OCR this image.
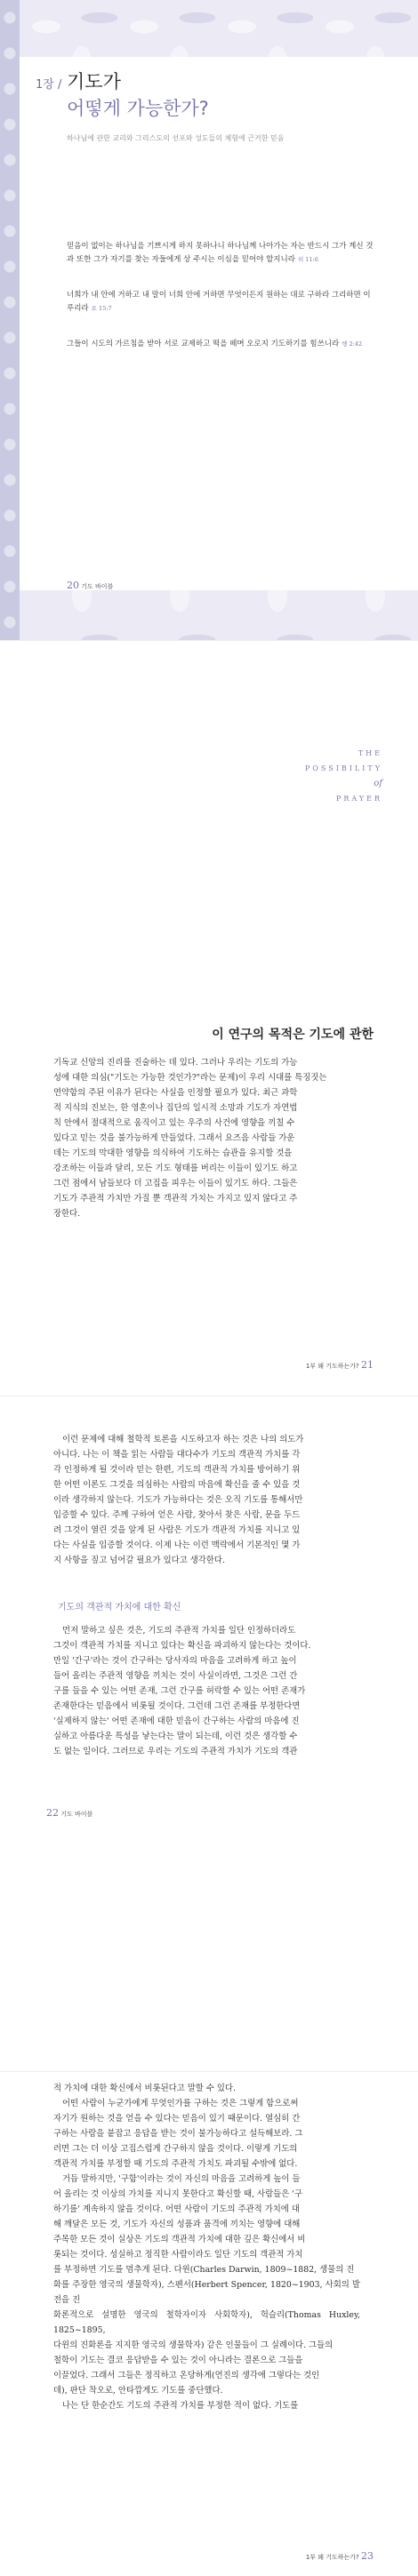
1장 / 기도가
어떻게 가능한가?
하나님에 관한 교리와 그리스도의 선포와 성도들의 체험에 근거한 믿음
믿음이 없이는 하나님을 기쁘시게 하지 못하나니 하나님께 나아가는 자는 반드시 그가 계신 것과 또한 그가 자기를 찾는 자들에게 상 주시는 이심을 믿어야 할지니라 히 11:6
너희가 내 안에 거하고 내 말이 너희 안에 거하면 무엇이든지 원하는 대로 구하라 그리하면 이루리라 요 15:7
그들이 시도의 가르침을 받아 서로 교제하고 떡을 떼며 오로지 기도하기를 힘쓰니라 행 2:42
20 기도 바이블
THE
POSSIBILITY
of
PRAYER
이 연구의 목적은 기도에 관한
기독교 신앙의 진리를 진술하는 데 있다. 그러나 우리는 기도의 가능
성에 대한 의심("기도는 가능한 것인가?"라는 문제)이 우리 시대를 특징짓는
연약함의 주된 이유가 된다는 사실을 인정할 필요가 있다. 최근 과학
적 지식의 진보는, 한 영혼이나 집단의 일시적 소망과 기도가 자연법
칙 안에서 절대적으로 움직이고 있는 우주의 사건에 영향을 끼칠 수
있다고 믿는 것을 불가능하게 만들었다. 그래서 요즈음 사람들 가운
데는 기도의 막대한 영향을 의식하여 기도하는 습관을 유지할 것을
강조하는 이들과 달리, 모든 기도 형태를 버리는 이들이 있기도 하고
그런 점에서 남들보다 더 고집을 피우는 이들이 있기도 하다. 그들은
기도가 주관적 가치만 가질 뿐 객관적 가치는 가지고 있지 않다고 주
장한다.
1부 왜 기도하는가? 21
이런 문제에 대해 철학적 토론을 시도하고자 하는 것은 나의 의도가
아니다. 나는 이 책을 읽는 사람들 대다수가 기도의 객관적 가치를 각
각 인정하게 될 것이라 믿는 한편, 기도의 객관적 가치를 방어하기 위
한 어떤 이론도 그것을 의심하는 사람의 마음에 확신을 줄 수 있을 것
이라 생각하지 않는다. 기도가 가능하다는 것은 오직 기도를 통해서만
입증할 수 있다. 주께 구하여 얻은 사람, 찾아서 찾은 사람, 문을 두드
려 그것이 열린 것을 알게 된 사람은 기도가 객관적 가치를 지니고 있
다는 사실을 입증할 것이다. 이제 나는 이런 맥락에서 기본적인 몇 가
지 사항을 짚고 넘어갈 필요가 있다고 생각한다.
기도의 객관적 가치에 대한 확신
먼저 말하고 싶은 것은, 기도의 주관적 가치를 일단 인정하더라도
그것이 객관적 가치를 지니고 있다는 확신을 파괴하지 않는다는 것이다.
만일 '간구'라는 것이 간구하는 당사자의 마음을 고려하게 하고 높이
들어 올리는 주관적 영향을 끼치는 것이 사실이라면, 그것은 그런 간
구를 들을 수 있는 어떤 존재, 그런 간구를 허락할 수 있는 어떤 존재가
존재한다는 믿음에서 비롯될 것이다. 그런데 그런 존재를 부정한다면
'실제하지 않는' 어떤 존재에 대한 믿음이 간구하는 사람의 마음에 진
실하고 아름다운 특성을 낳는다는 말이 되는데, 이런 것은 생각할 수
도 없는 일이다. 그러므로 우리는 기도의 주관적 가치가 기도의 객관
22 기도 바이블
적 가치에 대한 확신에서 비롯된다고 말할 수 있다.
어떤 사람이 누군가에게 무엇인가를 구하는 것은 그렇게 함으로써
자기가 원하는 것을 얻을 수 있다는 믿음이 있기 때문이다. 열심히 간
구하는 사람을 붙잡고 응답을 받는 것이 불가능하다고 설득해보라. 그
러면 그는 더 이상 고집스럽게 간구하지 않을 것이다. 이렇게 기도의
객관적 가치를 부정할 때 기도의 주관적 가치도 파괴될 수밖에 없다.
거듭 말하지만, '구함'이라는 것이 자신의 마음을 고려하게 높이 들
어 올리는 것 이상의 가치를 지니지 못한다고 확신할 때, 사람들은 '구
하기를' 계속하지 않을 것이다. 어떤 사람이 기도의 주관적 가치에 대
해 깨달은 모든 것, 기도가 자신의 성품과 품격에 끼치는 영향에 대해
주목한 모든 것이 실상은 기도의 객관적 가치에 대한 깊은 확신에서 비
롯되는 것이다. 성실하고 정직한 사람이라도 일단 기도의 객관적 가치
를 부정하면 기도를 멈추게 된다. 다윈(Charles Darwin, 1809~1882, 생물의 진
화를 주장한 영국의 생물학자), 스펜서(Herbert Spencer, 1820~1903, 사회의 발전을 진
화론적으로 설명한 영국의 철학자이자 사회학자), 헉슬리(Thomas Huxley, 1825~1895,
다윈의 진화론을 지지한 영국의 생물학자) 같은 인물들이 그 실례이다. 그들의
철학이 기도는 결코 응답받을 수 있는 것이 아니라는 결론으로 그들을
이끌었다. 그래서 그들은 정직하고 온당하게(언진의 생각에 그렇다는 것인
데), 판단 착오로, 안타깝게도 기도를 중단했다.
나는 단 한순간도 기도의 주관적 가치를 부정한 적이 없다. 기도를
1부 왜 기도하는가? 23
